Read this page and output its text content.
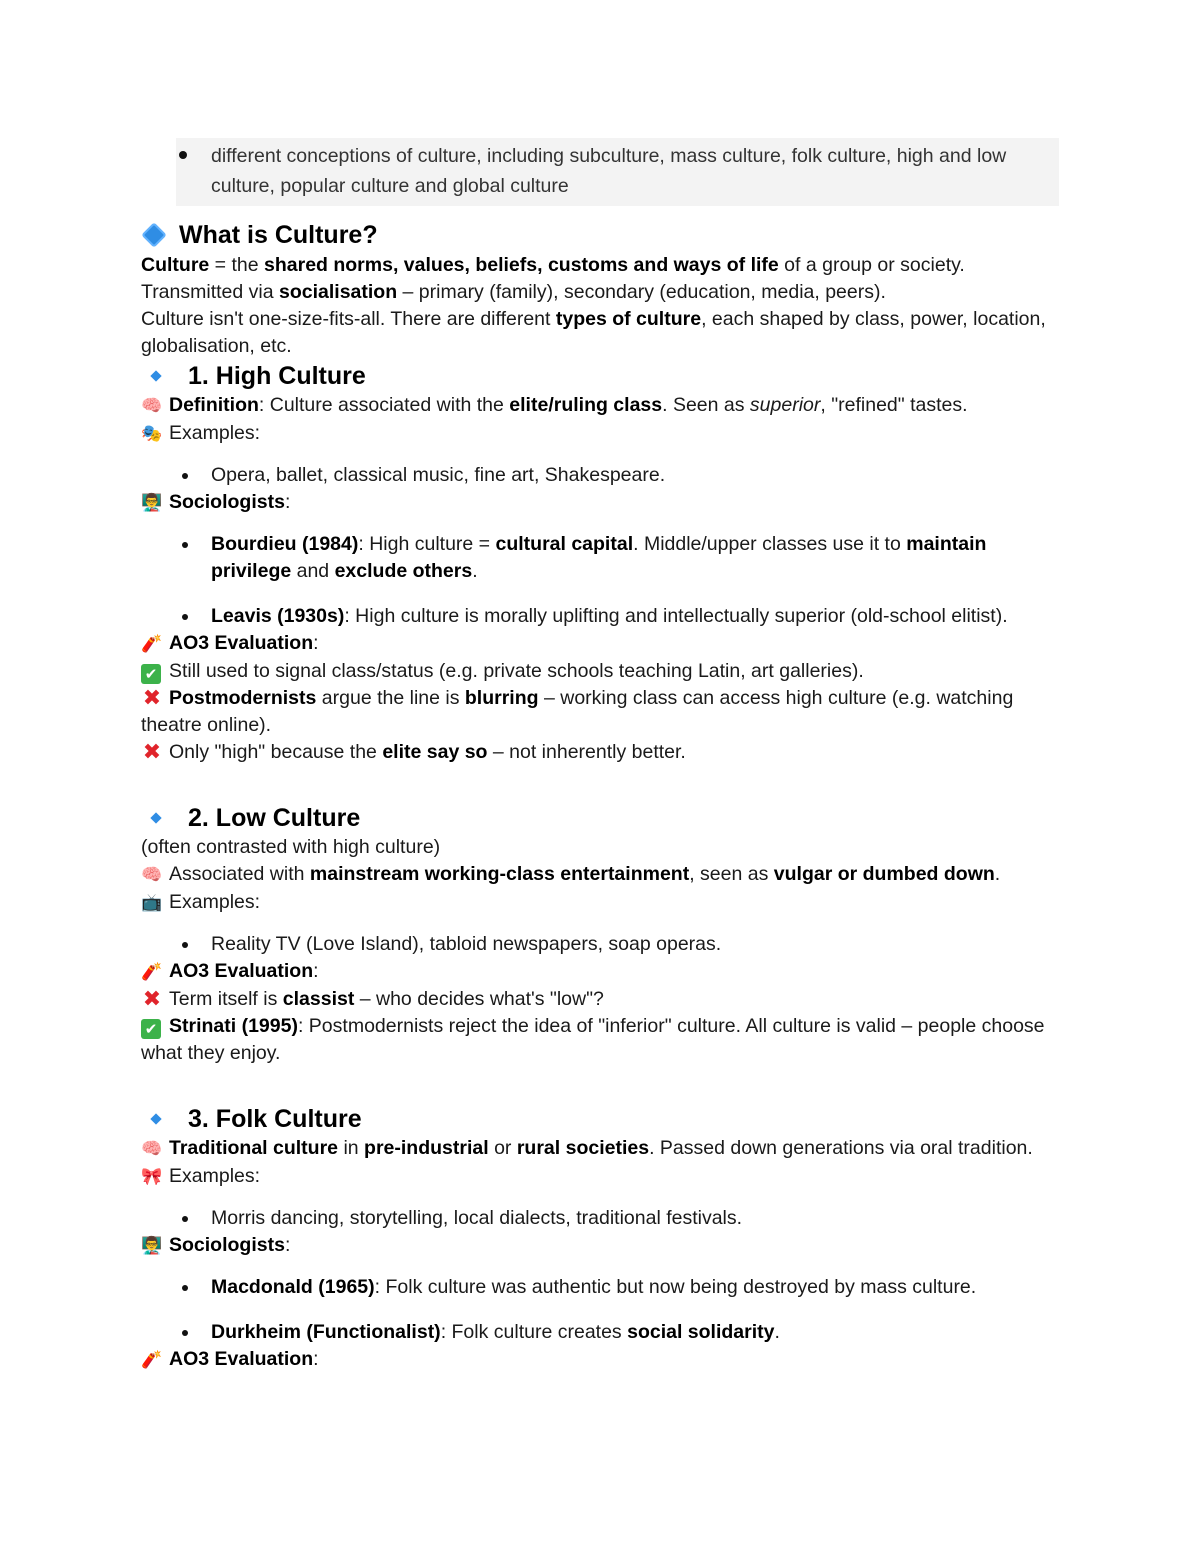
different conceptions of culture, including subculture, mass culture, folk culture, high and low culture, popular culture and global culture
What is Culture?

Culture = the shared norms, values, beliefs, customs and ways of life of a group or society.

Transmitted via socialisation – primary (family), secondary (education, media, peers).

Culture isn't one-size-fits-all. There are different types of culture, each shaped by class, power, location, globalisation, etc.

1. High Culture

🧠 Definition: Culture associated with the elite/ruling class. Seen as superior, "refined" tastes.

🎭 Examples:

Opera, ballet, classical music, fine art, Shakespeare.

👨‍🏫 Sociologists:

Bourdieu (1984): High culture = cultural capital. Middle/upper classes use it to maintain privilege and exclude others.
Leavis (1930s): High culture is morally uplifting and intellectually superior (old-school elitist).

🧨 AO3 Evaluation:

✔ Still used to signal class/status (e.g. private schools teaching Latin, art galleries).

✖ Postmodernists argue the line is blurring – working class can access high culture (e.g. watching theatre online).

✖ Only "high" because the elite say so – not inherently better.

2. Low Culture

(often contrasted with high culture)

🧠 Associated with mainstream working-class entertainment, seen as vulgar or dumbed down.

📺 Examples:

Reality TV (Love Island), tabloid newspapers, soap operas.

🧨 AO3 Evaluation:

✖ Term itself is classist – who decides what's "low"?

✔ Strinati (1995): Postmodernists reject the idea of "inferior" culture. All culture is valid – people choose what they enjoy.

3. Folk Culture

🧠 Traditional culture in pre-industrial or rural societies. Passed down generations via oral tradition.

🎀 Examples:

Morris dancing, storytelling, local dialects, traditional festivals.

👨‍🏫 Sociologists:

Macdonald (1965): Folk culture was authentic but now being destroyed by mass culture.
Durkheim (Functionalist): Folk culture creates social solidarity.

🧨 AO3 Evaluation:
